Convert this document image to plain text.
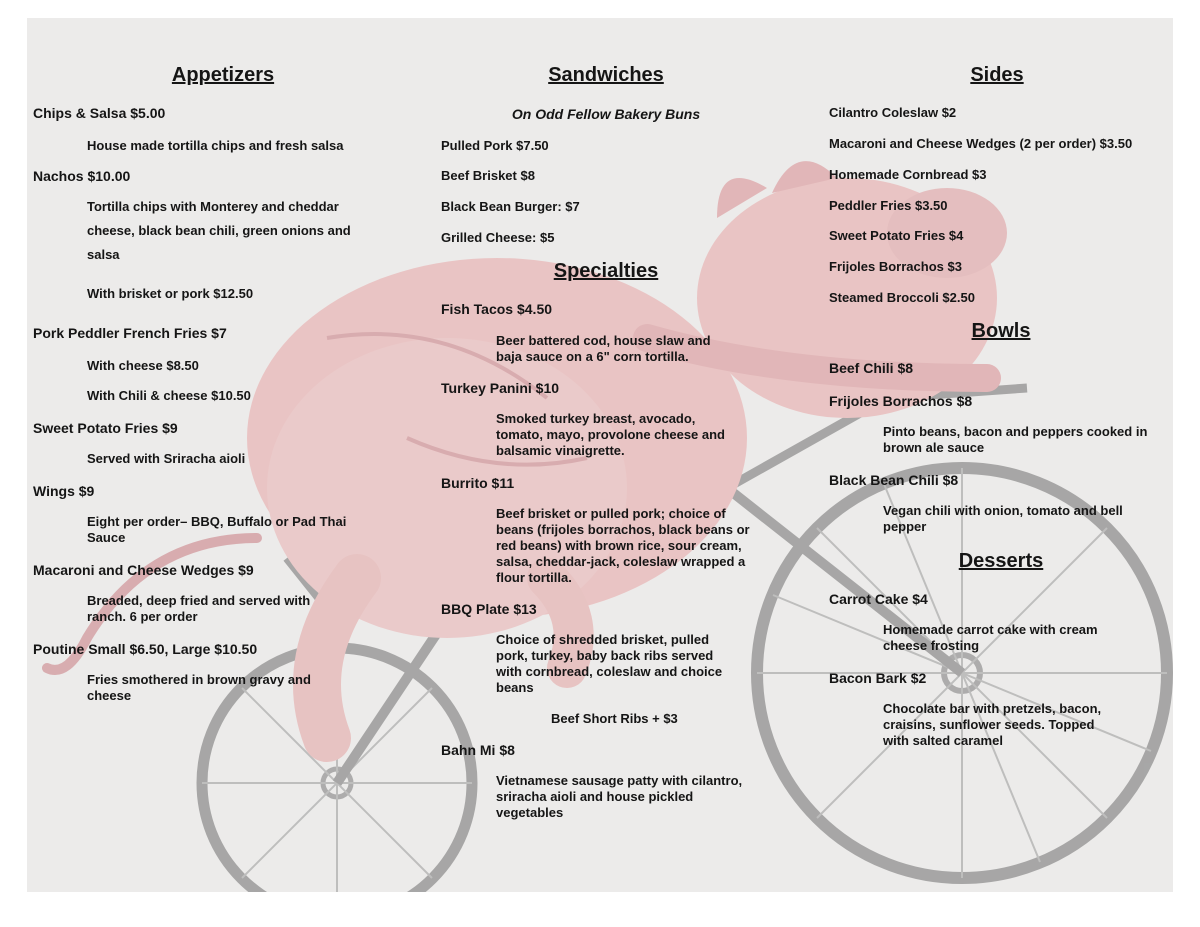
Appetizers
Chips & Salsa $5.00
House made tortilla chips and fresh salsa
Nachos $10.00
Tortilla chips with Monterey and cheddar cheese, black bean chili, green onions and salsa
With brisket or pork $12.50
Pork Peddler French Fries $7
With cheese $8.50
With Chili & cheese $10.50
Sweet Potato Fries $9
Served with Sriracha aioli
Wings $9
Eight per order– BBQ, Buffalo or Pad Thai Sauce
Macaroni and Cheese Wedges $9
Breaded, deep fried and served with ranch. 6 per order
Poutine Small $6.50, Large $10.50
Fries smothered in brown gravy and cheese
Sandwiches
On Odd Fellow Bakery Buns
Pulled Pork $7.50
Beef Brisket $8
Black Bean Burger: $7
Grilled Cheese: $5
Specialties
Fish Tacos $4.50
Beer battered cod, house slaw and baja sauce on a 6" corn tortilla.
Turkey Panini $10
Smoked turkey breast, avocado, tomato, mayo, provolone cheese and balsamic vinaigrette.
Burrito $11
Beef brisket or pulled pork; choice of beans (frijoles borrachos, black beans or red beans) with brown rice, sour cream, salsa, cheddar-jack, coleslaw wrapped a flour tortilla.
BBQ Plate $13
Choice of shredded brisket, pulled pork, turkey, baby back ribs served with cornbread, coleslaw and choice beans
Beef Short Ribs + $3
Bahn Mi $8
Vietnamese sausage patty with cilantro, sriracha aioli and house pickled vegetables
Sides
Cilantro Coleslaw $2
Macaroni and Cheese Wedges (2 per order) $3.50
Homemade Cornbread $3
Peddler Fries $3.50
Sweet Potato Fries $4
Frijoles Borrachos $3
Steamed Broccoli $2.50
Bowls
Beef Chili $8
Frijoles Borrachos $8
Pinto beans, bacon and peppers cooked in brown ale sauce
Black Bean Chili $8
Vegan chili with onion, tomato and bell pepper
Desserts
Carrot Cake $4
Homemade carrot cake with cream cheese frosting
Bacon Bark $2
Chocolate bar with pretzels, bacon, craisins, sunflower seeds. Topped with salted caramel
